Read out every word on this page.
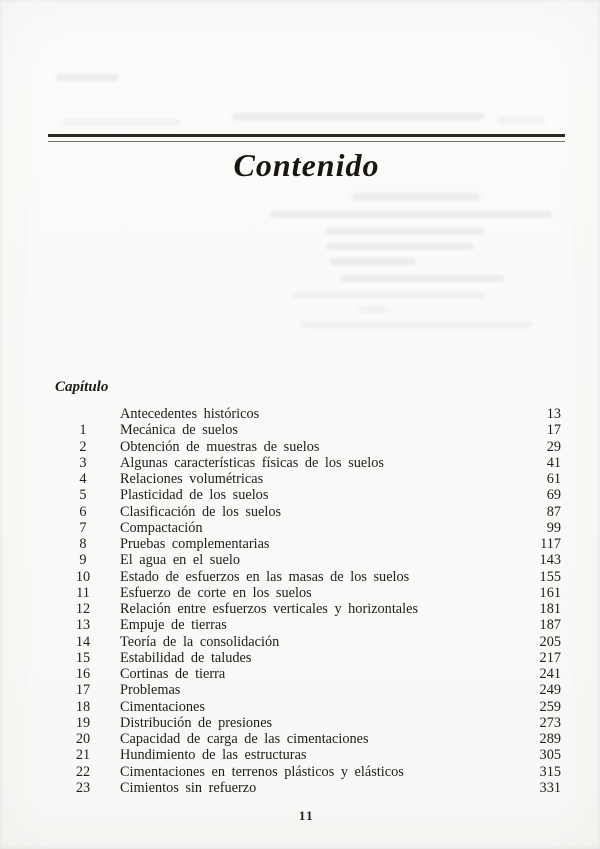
Contenido
Capítulo
Antecedentes históricos	13
1	Mecánica de suelos	17
2	Obtención de muestras de suelos	29
3	Algunas características físicas de los suelos	41
4	Relaciones volumétricas	61
5	Plasticidad de los suelos	69
6	Clasificación de los suelos	87
7	Compactación	99
8	Pruebas complementarias	117
9	El agua en el suelo	143
10	Estado de esfuerzos en las masas de los suelos	155
11	Esfuerzo de corte en los suelos	161
12	Relación entre esfuerzos verticales y horizontales	181
13	Empuje de tierras	187
14	Teoría de la consolidación	205
15	Estabilidad de taludes	217
16	Cortinas de tierra	241
17	Problemas	249
18	Cimentaciones	259
19	Distribución de presiones	273
20	Capacidad de carga de las cimentaciones	289
21	Hundimiento de las estructuras	305
22	Cimentaciones en terrenos plásticos y elásticos	315
23	Cimientos sin refuerzo	331
11
